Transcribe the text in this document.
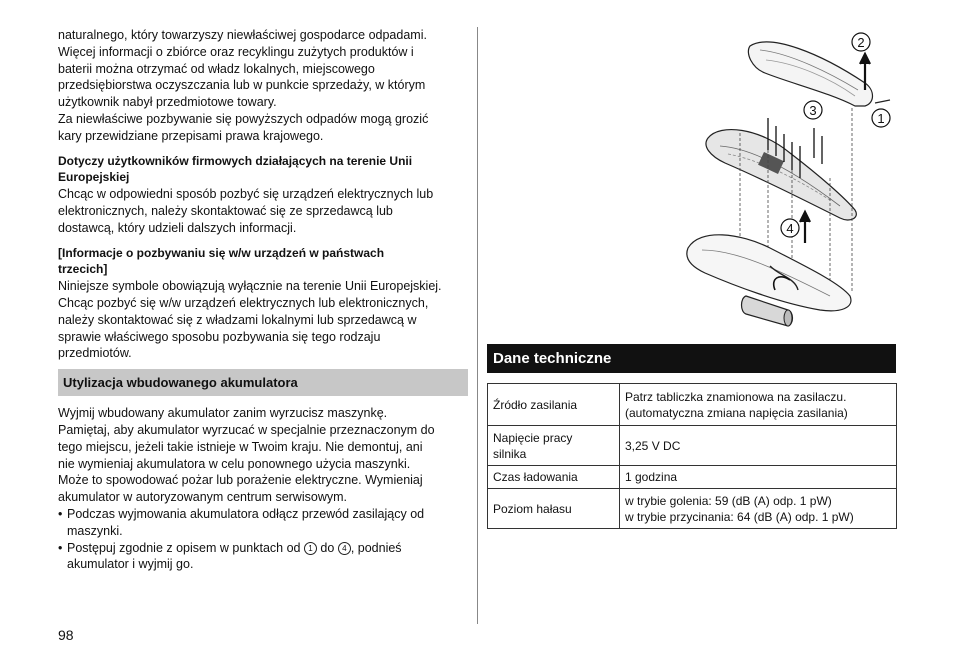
naturalnego, który towarzyszy niewłaściwej gospodarce odpadami.

Więcej informacji o zbiórce oraz recyklingu zużytych produktów i

baterii można otrzymać od władz lokalnych, miejscowego

przedsiębiorstwa oczyszczania lub w punkcie sprzedaży, w którym

użytkownik nabył przedmiotowe towary.

Za niewłaściwe pozbywanie się powyższych odpadów mogą grozić

kary przewidziane przepisami prawa krajowego.

Dotyczy użytkowników firmowych działających na terenie Unii

Europejskiej

Chcąc w odpowiedni sposób pozbyć się urządzeń elektrycznych lub

elektronicznych, należy skontaktować się ze sprzedawcą lub

dostawcą, który udzieli dalszych informacji.

[Informacje o pozbywaniu się w/w urządzeń w państwach

trzecich]

Niniejsze symbole obowiązują wyłącznie na terenie Unii Europejskiej.

Chcąc pozbyć się w/w urządzeń elektrycznych lub elektronicznych,

należy skontaktować się z władzami lokalnymi lub sprzedawcą w

sprawie właściwego sposobu pozbywania się tego rodzaju

przedmiotów.

Utylizacja wbudowanego akumulatora

Wyjmij wbudowany akumulator zanim wyrzucisz maszynkę.

Pamiętaj, aby akumulator wyrzucać w specjalnie przeznaczonym do

tego miejscu, jeżeli takie istnieje w Twoim kraju. Nie demontuj, ani

nie wymieniaj akumulatora w celu ponownego użycia maszynki.

Może to spowodować pożar lub porażenie elektryczne. Wymieniaj

akumulator w autoryzowanym centrum serwisowym.

• Podczas wyjmowania akumulatora odłącz przewód zasilający od

maszynki.

• Postępuj zgodnie z opisem w punktach od 1 do 4 , podnieś

akumulator i wyjmij go.

98
1
2
3
4
Dane techniczne
Źródło zasilania	Patrz tabliczka znamionowa na zasilaczu.
(automatyczna zmiana napięcia zasilania)

Napięcie pracy
silnika	3,25 V DC

Czas ładowania	1 godzina

Poziom hałasu	w trybie golenia: 59 (dB (A) odp. 1 pW)
w trybie przycinania: 64 (dB (A) odp. 1 pW)
